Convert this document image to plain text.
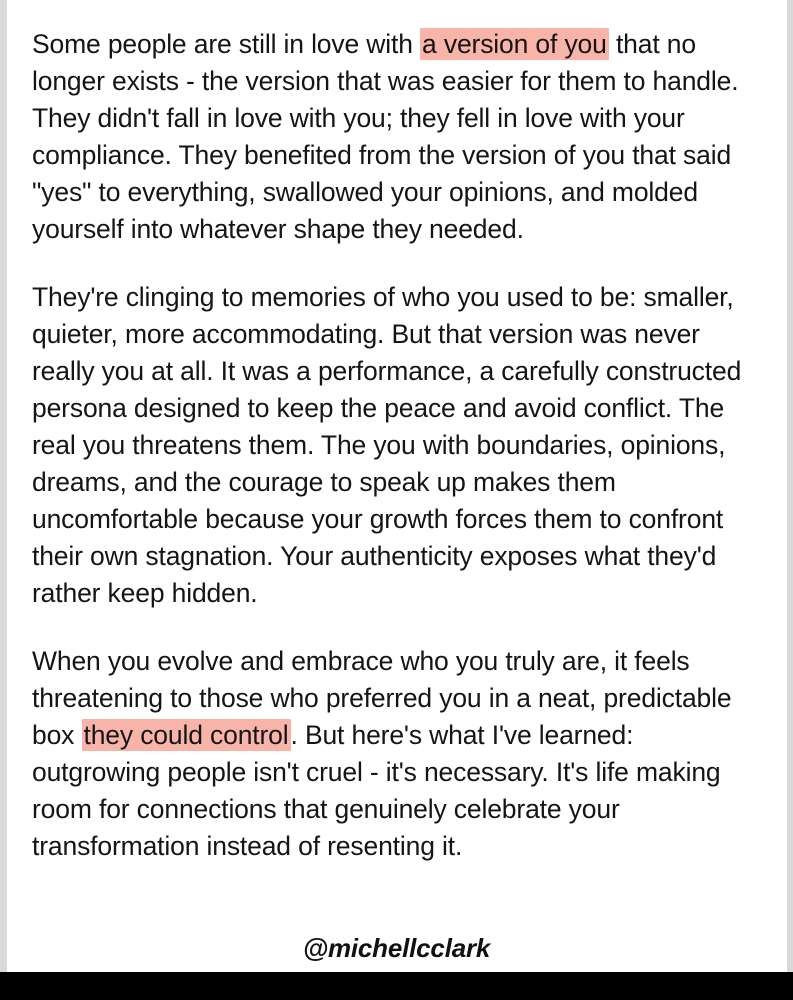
Some people are still in love with a version of you that no longer exists - the version that was easier for them to handle. They didn't fall in love with you; they fell in love with your compliance. They benefited from the version of you that said "yes" to everything, swallowed your opinions, and molded yourself into whatever shape they needed.

They're clinging to memories of who you used to be: smaller, quieter, more accommodating. But that version was never really you at all. It was a performance, a carefully constructed persona designed to keep the peace and avoid conflict. The real you threatens them. The you with boundaries, opinions, dreams, and the courage to speak up makes them uncomfortable because your growth forces them to confront their own stagnation. Your authenticity exposes what they'd rather keep hidden.

When you evolve and embrace who you truly are, it feels threatening to those who preferred you in a neat, predictable box they could control. But here's what I've learned: outgrowing people isn't cruel - it's necessary. It's life making room for connections that genuinely celebrate your transformation instead of resenting it.

@michellcclark
